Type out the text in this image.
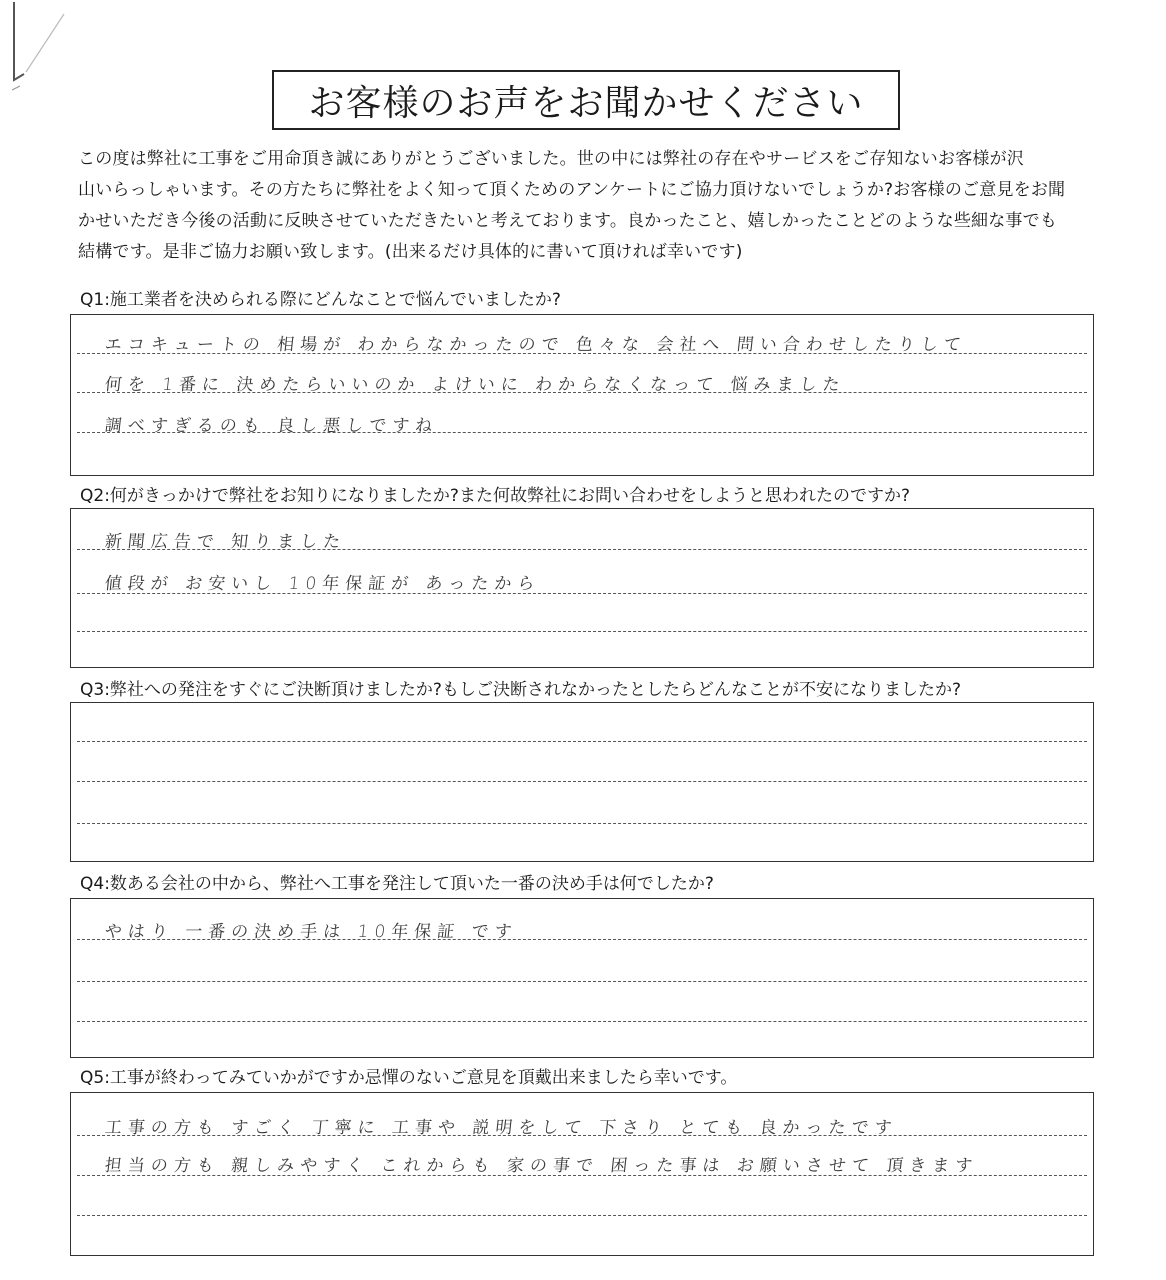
お客様のお声をお聞かせください
この度は弊社に工事をご用命頂き誠にありがとうございました。世の中には弊社の存在やサービスをご存知ないお客様が沢
山いらっしゃいます。その方たちに弊社をよく知って頂くためのアンケートにご協力頂けないでしょうか?お客様のご意見をお聞
かせいただき今後の活動に反映させていただきたいと考えております。良かったこと、嬉しかったことどのような些細な事でも
結構です。是非ご協力お願い致します。(出来るだけ具体的に書いて頂ければ幸いです)
Q1:施工業者を決められる際にどんなことで悩んでいましたか?
エコキュートの 相場が わからなかったので 色々な 会社へ 問い合わせしたりして
何を 1番に 決めたらいいのか よけいに わからなくなって 悩みました
調べすぎるのも 良し悪しですね
Q2:何がきっかけで弊社をお知りになりましたか?また何故弊社にお問い合わせをしようと思われたのですか?
新聞広告で 知りました
値段が お安いし 10年保証が あったから
Q3:弊社への発注をすぐにご決断頂けましたか?もしご決断されなかったとしたらどんなことが不安になりましたか?
Q4:数ある会社の中から、弊社へ工事を発注して頂いた一番の決め手は何でしたか?
やはり 一番の決め手は 10年保証 です
Q5:工事が終わってみていかがですか忌憚のないご意見を頂戴出来ましたら幸いです。
工事の方も すごく 丁寧に 工事や 説明をして 下さり とても 良かったです
担当の方も 親しみやすく これからも 家の事で 困った事は お願いさせて 頂きます
